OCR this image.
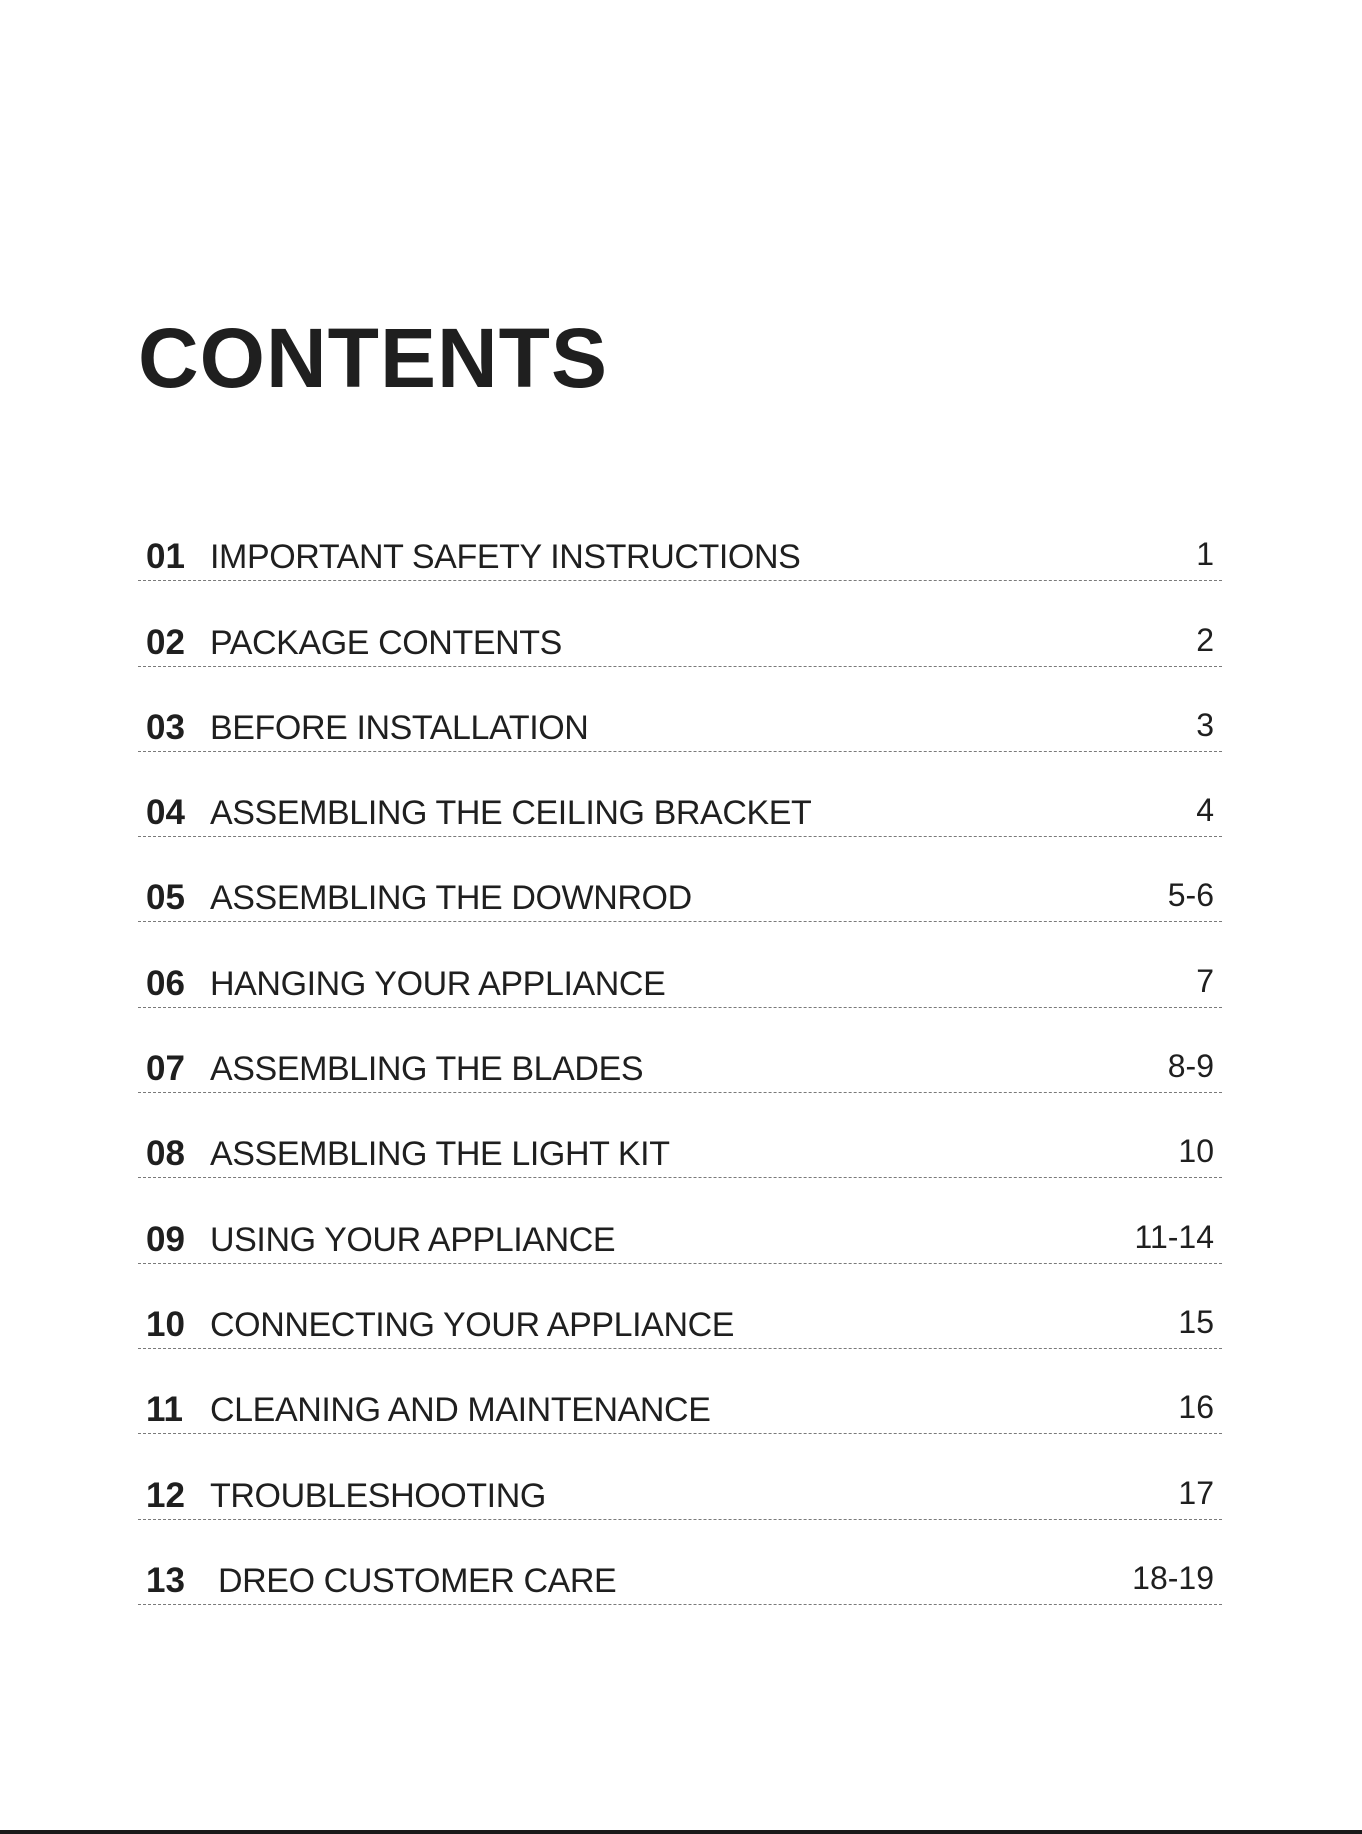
CONTENTS
01 IMPORTANT SAFETY INSTRUCTIONS	1
02 PACKAGE CONTENTS	2
03 BEFORE INSTALLATION	3
04 ASSEMBLING THE CEILING BRACKET	4
05 ASSEMBLING THE DOWNROD	5-6
06 HANGING YOUR APPLIANCE	7
07 ASSEMBLING THE BLADES	8-9
08 ASSEMBLING THE LIGHT KIT	10
09 USING YOUR APPLIANCE	11-14
10 CONNECTING YOUR APPLIANCE	15
11 CLEANING AND MAINTENANCE	16
12 TROUBLESHOOTING	17
13 DREO CUSTOMER CARE	18-19
